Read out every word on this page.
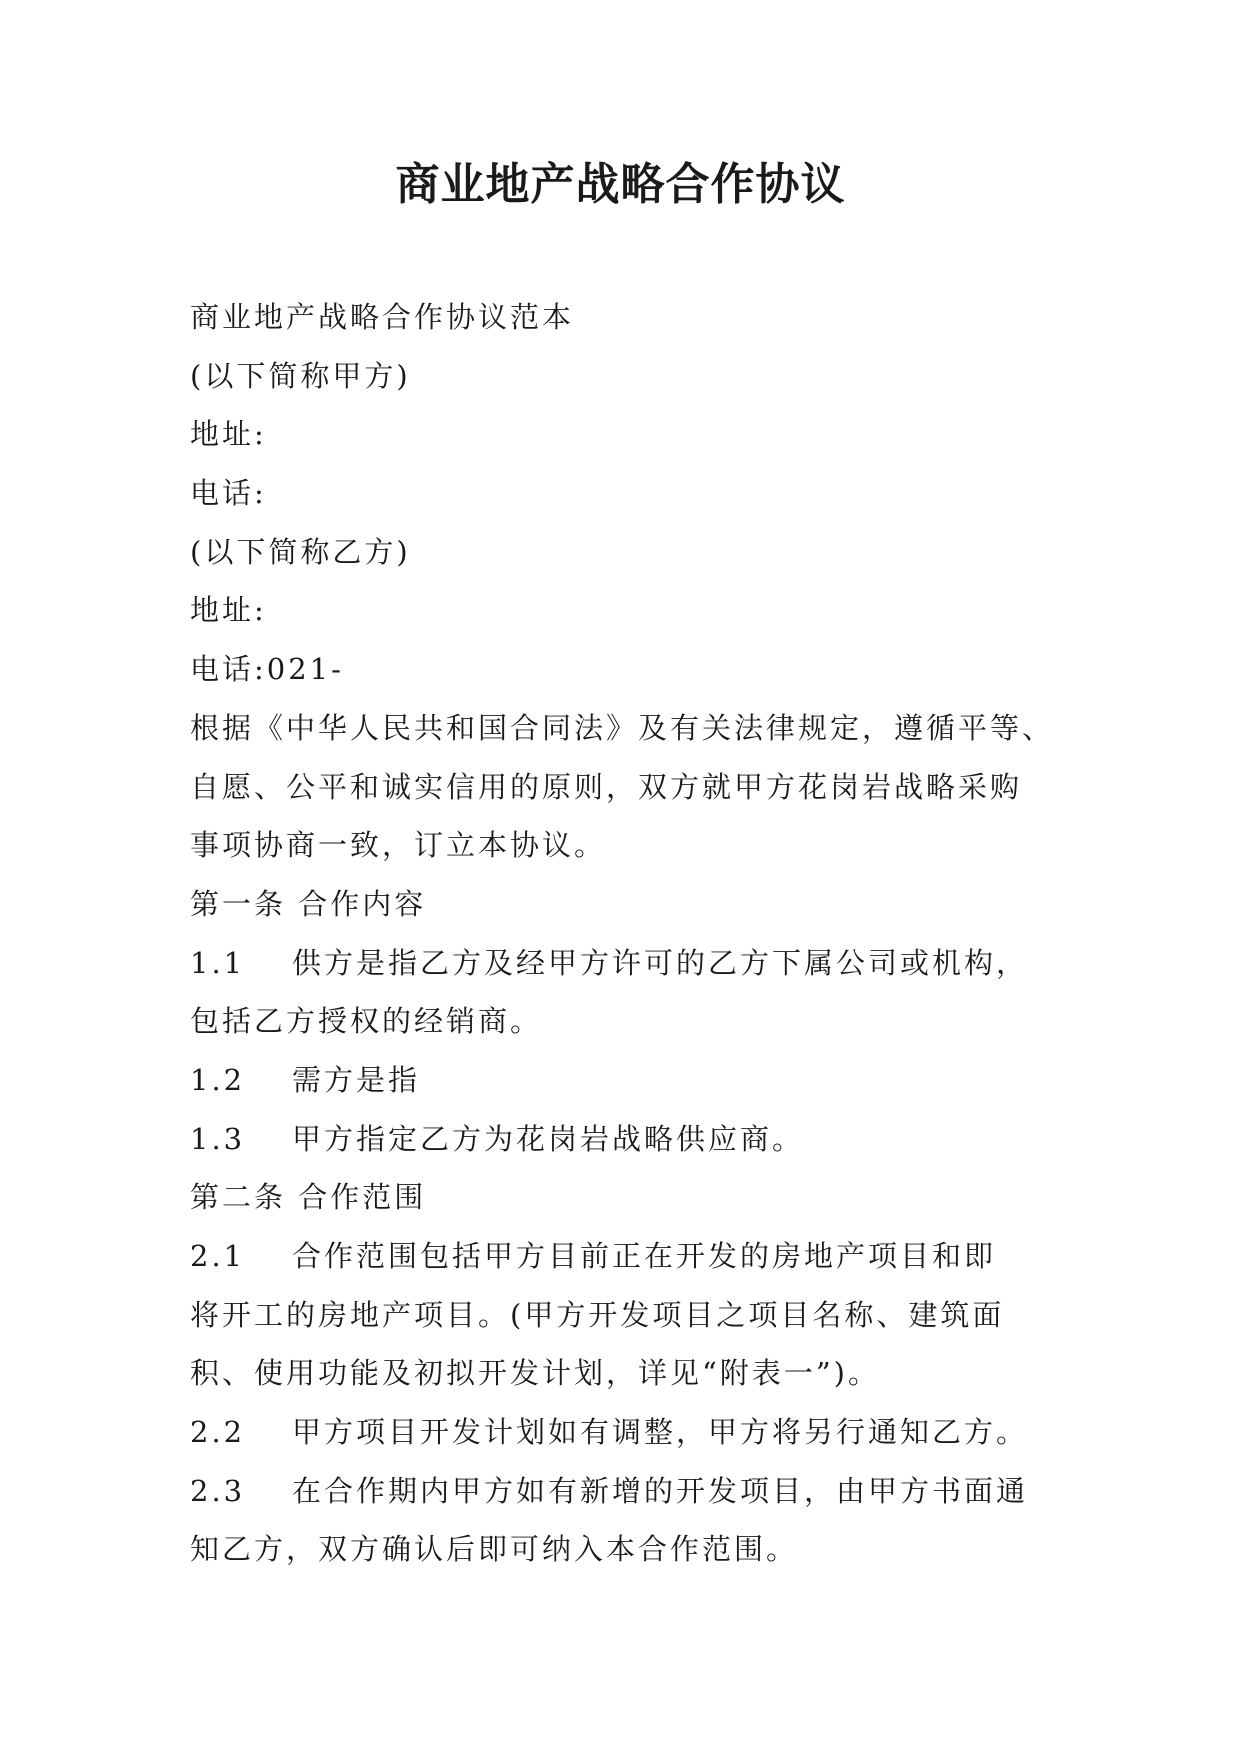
商业地产战略合作协议
商业地产战略合作协议范本
(以下简称甲方)
地址:
电话:
(以下简称乙方)
地址:
电话:021-
根据《中华人民共和国合同法》及有关法律规定，遵循平等、
自愿、公平和诚实信用的原则，双方就甲方花岗岩战略采购
事项协商一致，订立本协议。
第一条 合作内容
1.1 供方是指乙方及经甲方许可的乙方下属公司或机构，
包括乙方授权的经销商。
1.2 需方是指
1.3 甲方指定乙方为花岗岩战略供应商。
第二条 合作范围
2.1 合作范围包括甲方目前正在开发的房地产项目和即
将开工的房地产项目。(甲方开发项目之项目名称、建筑面
积、使用功能及初拟开发计划，详见“附表一”)。
2.2 甲方项目开发计划如有调整，甲方将另行通知乙方。
2.3 在合作期内甲方如有新增的开发项目，由甲方书面通
知乙方，双方确认后即可纳入本合作范围。
